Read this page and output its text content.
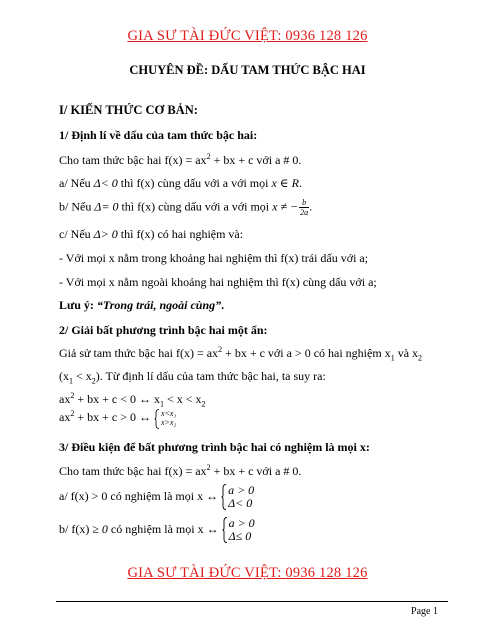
GIA SƯ TÀI ĐỨC VIỆT: 0936 128 126
CHUYÊN ĐỀ: DẤU TAM THỨC BẬC HAI
I/ KIẾN THỨC CƠ BẢN:
1/ Định lí về dấu của tam thức bậc hai:
Cho tam thức bậc hai $f(x) = ax^2$ + bx + c với a # 0.
a/ Nếu Δ< 0 thì f(x) cùng dấu với a với mọi x ∈ R.
b/ Nếu Δ= 0 thì f(x) cùng dấu với a với mọi x ≠ − $\frac{b}{2a}$ .
c/ Nếu Δ> 0 thì f(x) có hai nghiệm và:
- Với mọi x nằm trong khoảng hai nghiệm thì f(x) trái dấu với a;
- Với mọi x nằm ngoài khoảng hai nghiệm thì f(x) cùng dấu với a;
Lưu ý: “Trong trái, ngoài cùng”.
2/ Giải bất phương trình bậc hai một ẩn:
Giả sử tam thức bậc hai $f(x) = ax^2$ + bx + c với a > 0 có hai nghiệm $x_1$ và $x_2$
$(x_1 < x_2)$. Từ định lí dấu của tam thức bậc hai, ta suy ra:
$ax^2$ + bx + c < 0 ↔ $x_1 < x < x_2$
$ax^2$ + bx + c > 0 ↔ x<x₁
x>x₂
3/ Điều kiện để bất phương trình bậc hai có nghiệm là mọi x:
Cho tam thức bậc hai $f(x) = ax^2$ + bx + c với a # 0.
a/ f(x) > 0 có nghiệm là mọi x ↔ a > 0
Δ< 0
b/ f(x) ≥ 0 có nghiệm là mọi x ↔ a > 0
Δ≤ 0
GIA SƯ TÀI ĐỨC VIỆT: 0936 128 126
Page 1
